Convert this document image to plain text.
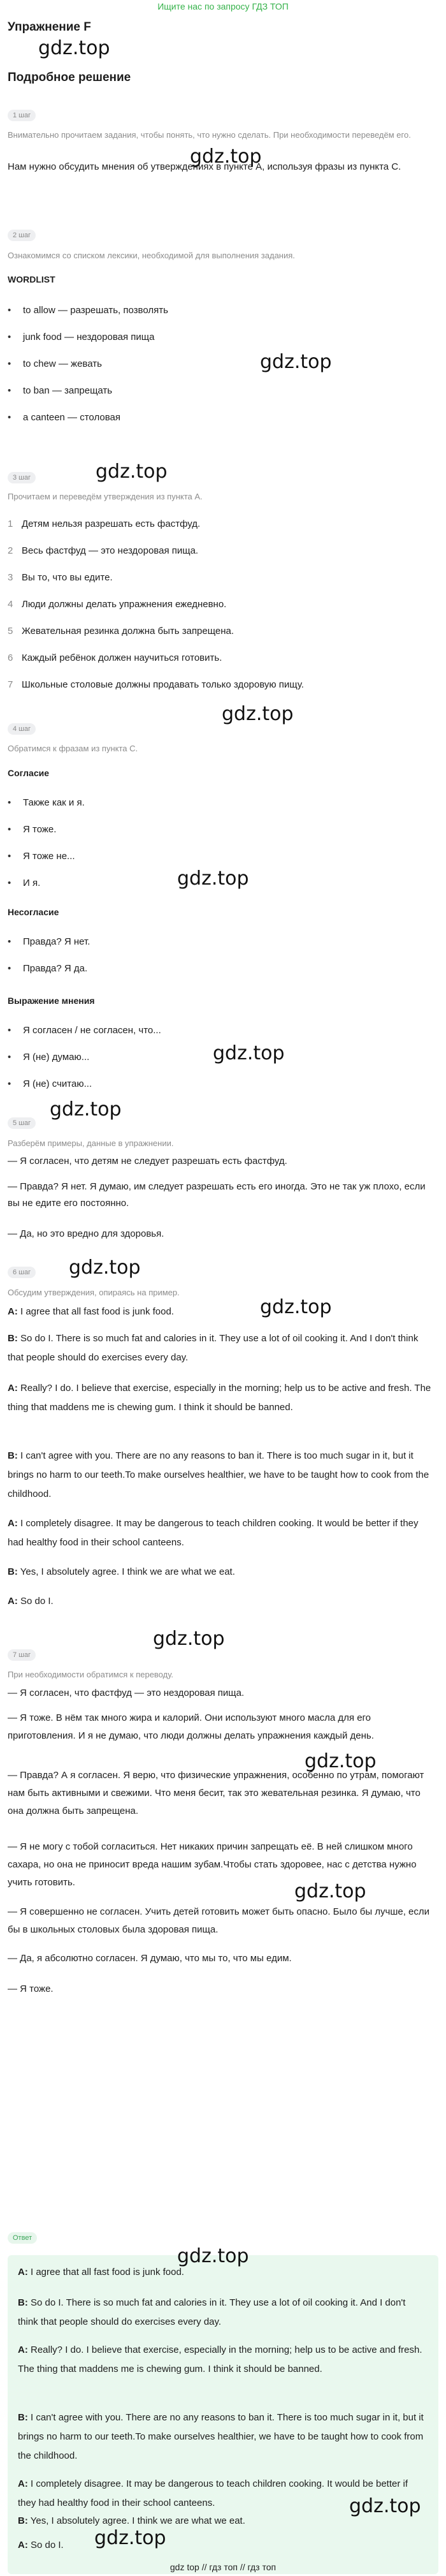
Ищите нас по запросу ГДЗ ТОП
gdz.top
Упражнение F
Подробное решение
1 шаг
Внимательно прочитаем задания, чтобы понять, что нужно сделать. При необходимости переведём его.
gdz.top
Нам нужно обсудить мнения об утверждениях в пункте A, используя фразы из пункта C.
2 шаг
Ознакомимся со списком лексики, необходимой для выполнения задания.
WORDLIST
• to allow — разрешать, позволять
• junk food — нездоровая пища
gdz.top
• to chew — жевать
• to ban — запрещать
• a canteen — столовая
gdz.top
3 шаг
Прочитаем и переведём утверждения из пункта A.
1 Детям нельзя разрешать есть фастфуд.
2 Весь фастфуд — это нездоровая пища.
3 Вы то, что вы едите.
4 Люди должны делать упражнения ежедневно.
5 Жевательная резинка должна быть запрещена.
6 Каждый ребёнок должен научиться готовить.
7 Школьные столовые должны продавать только здоровую пищу.
gdz.top
4 шаг
Обратимся к фразам из пункта C.
Согласие
• Также как и я.
• Я тоже.
• Я тоже не...
gdz.top
• И я.
Несогласие
• Правда? Я нет.
• Правда? Я да.
Выражение мнения
• Я согласен / не согласен, что...
gdz.top
• Я (не) думаю...
• Я (не) считаю...
gdz.top
5 шаг
Разберём примеры, данные в упражнении.
— Я согласен, что детям не следует разрешать есть фастфуд.
— Правда? Я нет. Я думаю, им следует разрешать есть его иногда. Это не так уж плохо, если вы не едите его постоянно.
— Да, но это вредно для здоровья.
gdz.top
6 шаг
Обсудим утверждения, опираясь на пример.
gdz.top
A: I agree that all fast food is junk food.
B: So do I. There is so much fat and calories in it. They use a lot of oil cooking it. And I don't think that people should do exercises every day.
A: Really? I do. I believe that exercise, especially in the morning; help us to be active and fresh. The thing that maddens me is chewing gum. I think it should be banned.
B: I can't agree with you. There are no any reasons to ban it. There is too much sugar in it, but it brings no harm to our teeth.To make ourselves healthier, we have to be taught how to cook from the childhood.
A: I completely disagree. It may be dangerous to teach children cooking. It would be better if they had healthy food in their school canteens.
B: Yes, I absolutely agree. I think we are what we eat.
A: So do I.
gdz.top
7 шаг
При необходимости обратимся к переводу.
— Я согласен, что фастфуд — это нездоровая пища.
— Я тоже. В нём так много жира и калорий. Они используют много масла для его приготовления. И я не думаю, что люди должны делать упражнения каждый день.
gdz.top
— Правда? А я согласен. Я верю, что физические упражнения, особенно по утрам, помогают нам быть активными и свежими. Что меня бесит, так это жевательная резинка. Я думаю, что она должна быть запрещена.
— Я не могу с тобой согласиться. Нет никаких причин запрещать её. В ней слишком много сахара, но она не приносит вреда нашим зубам.Чтобы стать здоровее, нас с детства нужно учить готовить.	gdz.top
— Я совершенно не согласен. Учить детей готовить может быть опасно. Было бы лучше, если бы в школьных столовых была здоровая пища.
— Да, я абсолютно согласен. Я думаю, что мы то, что мы едим.
— Я тоже.
Ответ
gdz.top
A: I agree that all fast food is junk food.
B: So do I. There is so much fat and calories in it. They use a lot of oil cooking it. And I don't think that people should do exercises every day.
A: Really? I do. I believe that exercise, especially in the morning; help us to be active and fresh. The thing that maddens me is chewing gum. I think it should be banned.
B: I can't agree with you. There are no any reasons to ban it. There is too much sugar in it, but it brings no harm to our teeth.To make ourselves healthier, we have to be taught how to cook from the childhood.
A: I completely disagree. It may be dangerous to teach children cooking. It would be better if they had healthy food in their school canteens.	gdz.top
B: Yes, I absolutely agree. I think we are what we eat.
gdz.top
A: So do I.
gdz top // гдз топ // гдз топ
